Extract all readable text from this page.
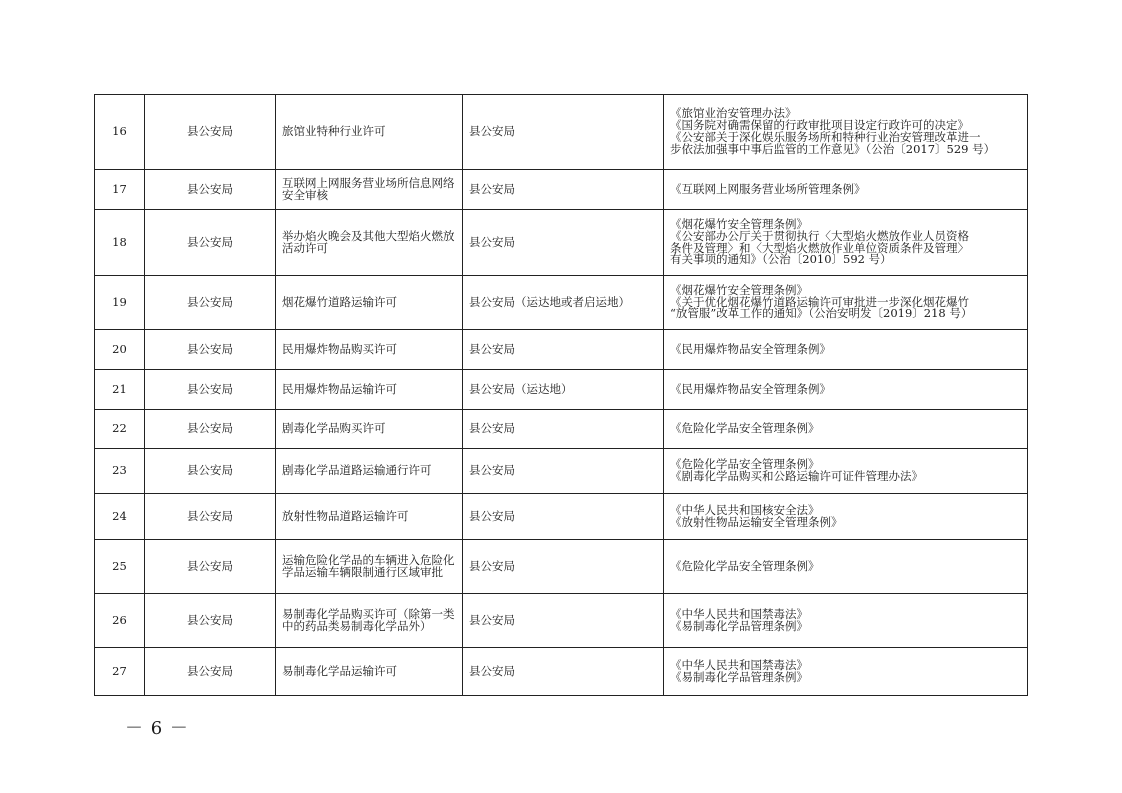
16	县公安局	旅馆业特种行业许可	县公安局	《旅馆业治安管理办法》
《国务院对确需保留的行政审批项目设定行政许可的决定》
《公安部关于深化娱乐服务场所和特种行业治安管理改革进一
步依法加强事中事后监管的工作意见》（公治〔2017〕529 号）

17	县公安局	互联网上网服务营业场所信息网络安全审核	县公安局	《互联网上网服务营业场所管理条例》

18	县公安局	举办焰火晚会及其他大型焰火燃放活动许可	县公安局	《烟花爆竹安全管理条例》
《公安部办公厅关于贯彻执行〈大型焰火燃放作业人员资格
条件及管理〉和〈大型焰火燃放作业单位资质条件及管理〉
有关事项的通知》（公治〔2010〕592 号）

19	县公安局	烟花爆竹道路运输许可	县公安局（运达地或者启运地）	《烟花爆竹安全管理条例》
《关于优化烟花爆竹道路运输许可审批进一步深化烟花爆竹
“放管服”改革工作的通知》（公治安明发〔2019〕218 号）

20	县公安局	民用爆炸物品购买许可	县公安局	《民用爆炸物品安全管理条例》

21	县公安局	民用爆炸物品运输许可	县公安局（运达地）	《民用爆炸物品安全管理条例》

22	县公安局	剧毒化学品购买许可	县公安局	《危险化学品安全管理条例》

23	县公安局	剧毒化学品道路运输通行许可	县公安局	《危险化学品安全管理条例》
《剧毒化学品购买和公路运输许可证件管理办法》

24	县公安局	放射性物品道路运输许可	县公安局	《中华人民共和国核安全法》
《放射性物品运输安全管理条例》

25	县公安局	运输危险化学品的车辆进入危险化学品运输车辆限制通行区域审批	县公安局	《危险化学品安全管理条例》

26	县公安局	易制毒化学品购买许可（除第一类中的药品类易制毒化学品外）	县公安局	《中华人民共和国禁毒法》
《易制毒化学品管理条例》

27	县公安局	易制毒化学品运输许可	县公安局	《中华人民共和国禁毒法》
《易制毒化学品管理条例》
－ 6 －
